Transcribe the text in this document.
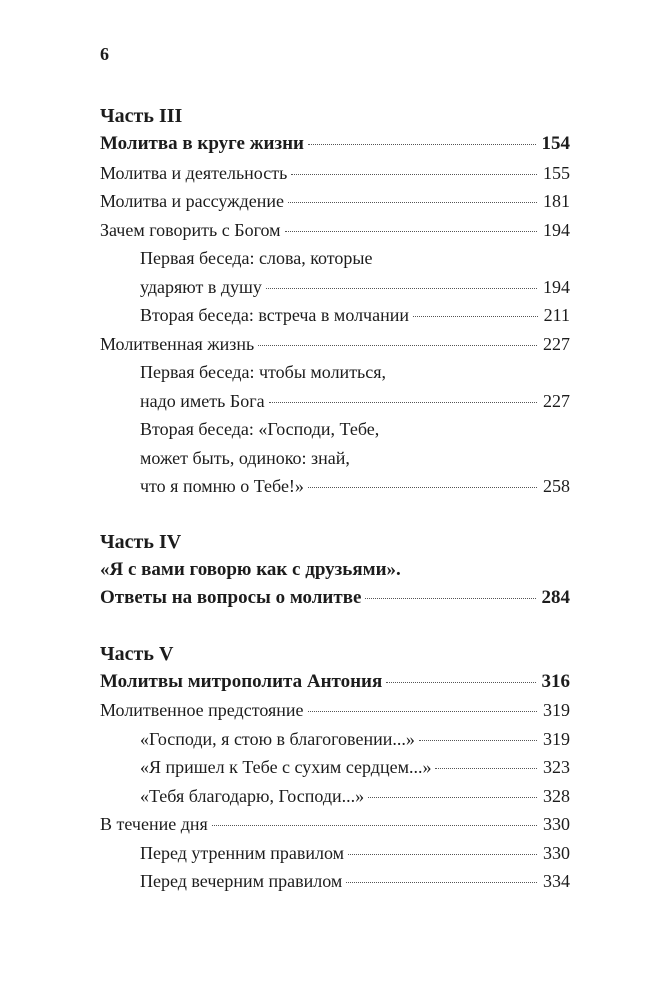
6
Часть III
Молитва в круге жизни	154
Молитва и деятельность	155
Молитва и рассуждение	181
Зачем говорить с Богом	194
Первая беседа: слова, которые
ударяют в душу	194
Вторая беседа: встреча в молчании	211
Молитвенная жизнь	227
Первая беседа: чтобы молиться,
надо иметь Бога	227
Вторая беседа: «Господи, Тебе,
может быть, одиноко: знай,
что я помню о Тебе!»	258
Часть IV
«Я с вами говорю как с друзьями».
Ответы на вопросы о молитве	284
Часть V
Молитвы митрополита Антония	316
Молитвенное предстояние	319
«Господи, я стою в благоговении...»	319
«Я пришел к Тебе с сухим сердцем...»	323
«Тебя благодарю, Господи...»	328
В течение дня	330
Перед утренним правилом	330
Перед вечерним правилом	334
